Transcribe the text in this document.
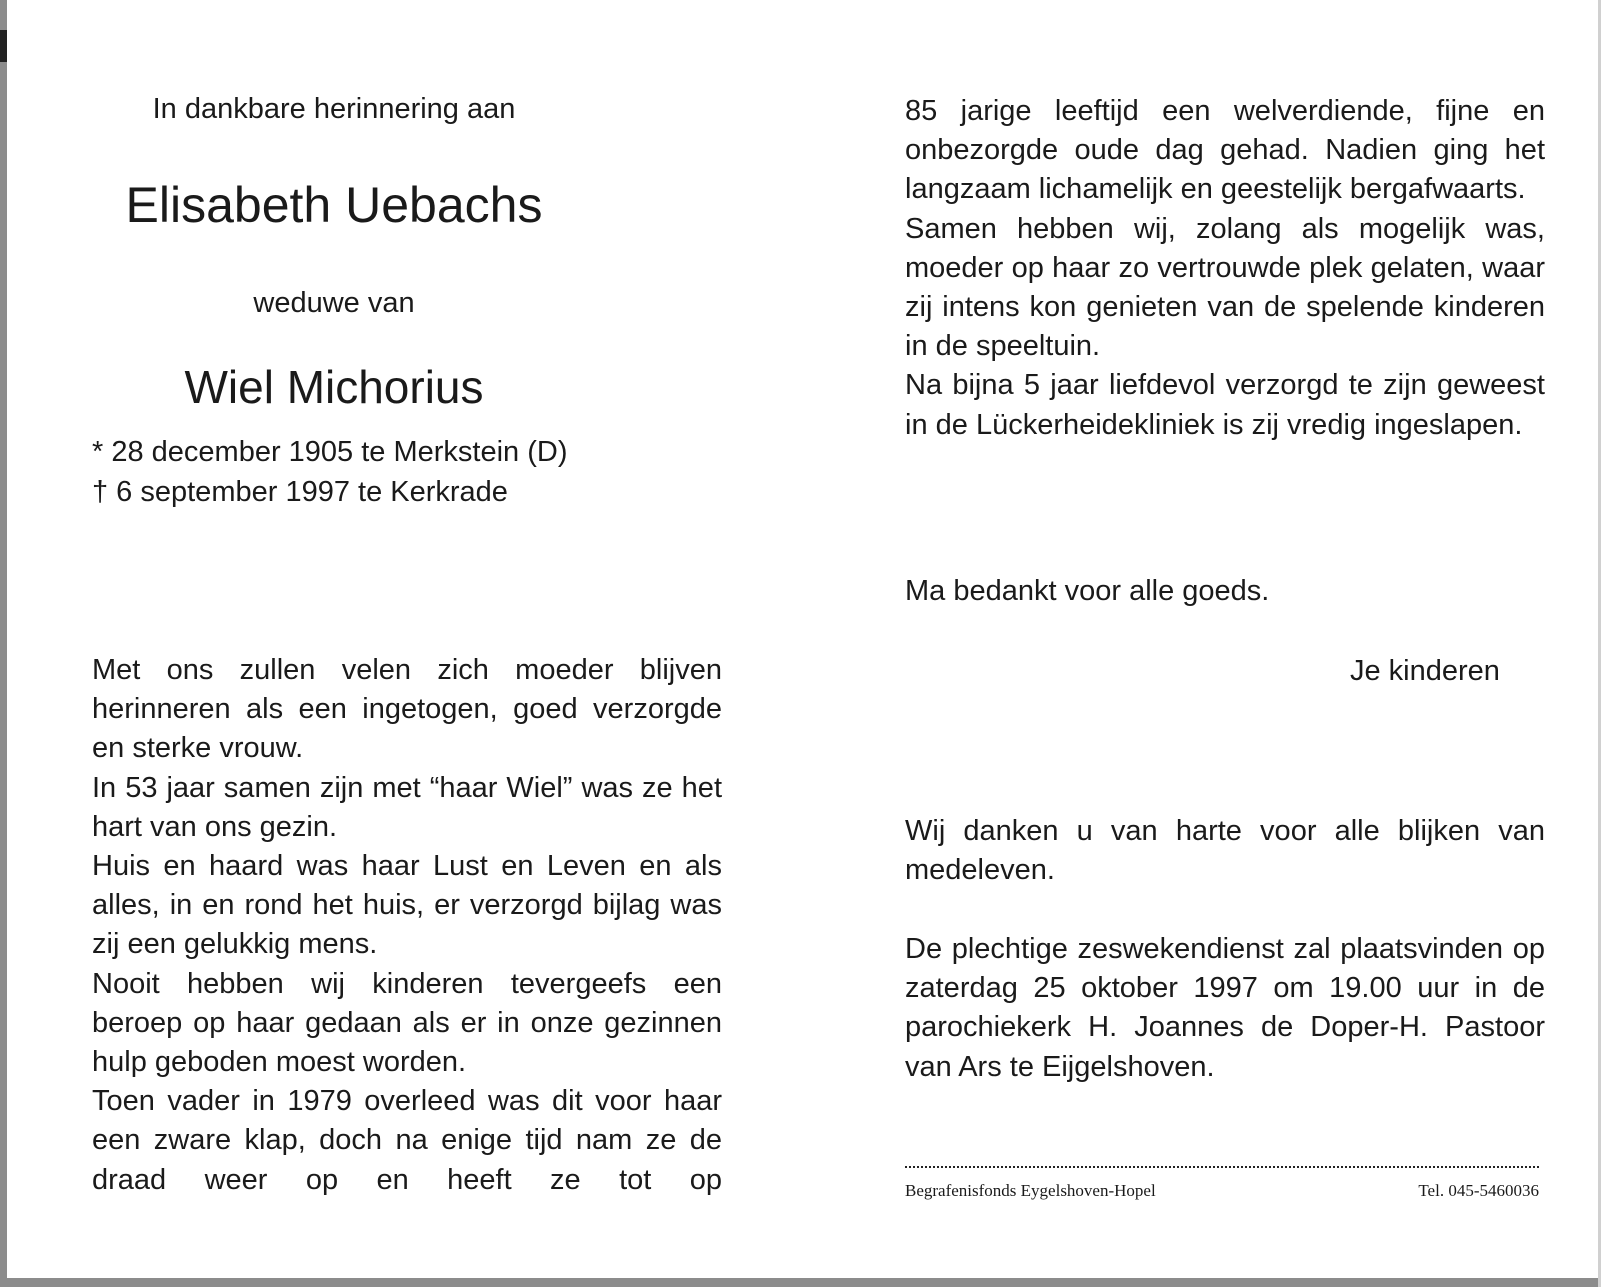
In dankbare herinnering aan

Elisabeth Uebachs

weduwe van

Wiel Michorius
* 28 december 1905 te Merkstein (D)
† 6 september 1997 te Kerkrade

Met ons zullen velen zich moeder blijven herinneren als een ingetogen, goed verzorgde en sterke vrouw.

In 53 jaar samen zijn met “haar Wiel” was ze het hart van ons gezin.

Huis en haard was haar Lust en Leven en als alles, in en rond het huis, er verzorgd bijlag was zij een gelukkig mens.

Nooit hebben wij kinderen tevergeefs een beroep op haar gedaan als er in onze gezinnen hulp geboden moest worden.

Toen vader in 1979 overleed was dit voor haar een zware klap, doch na enige tijd nam ze de draad weer op en heeft ze tot op

85 jarige leeftijd een welverdiende, fijne en onbezorgde oude dag gehad. Nadien ging het langzaam lichamelijk en geestelijk bergafwaarts.

Samen hebben wij, zolang als mogelijk was, moeder op haar zo vertrouwde plek gelaten, waar zij intens kon genieten van de spelende kinderen in de speeltuin.

Na bijna 5 jaar liefdevol verzorgd te zijn geweest in de Lückerheidekliniek is zij vredig ingeslapen.

Ma bedankt voor alle goeds.

Je kinderen

Wij danken u van harte voor alle blijken van medeleven.

De plechtige zeswekendienst zal plaatsvinden op zaterdag 25 oktober 1997 om 19.00 uur in de parochiekerk H. Joannes de Doper-H. Pastoor van Ars te Eijgelshoven.

Begrafenisfonds Eygelshoven-Hopel	Tel. 045-5460036
